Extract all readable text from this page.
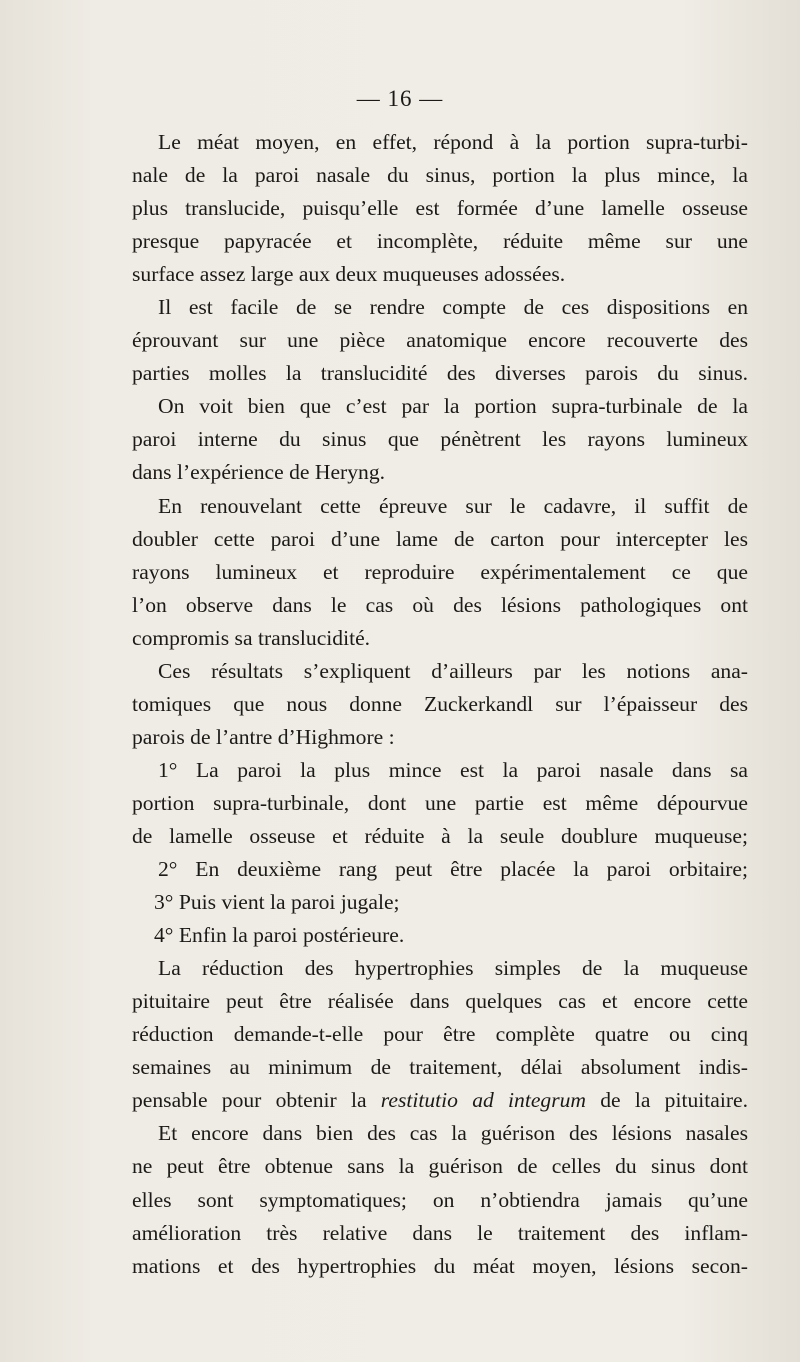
— 16 —
Le méat moyen, en effet, répond à la portion supra-turbi-
nale de la paroi nasale du sinus, portion la plus mince, la
plus translucide, puisqu’elle est formée d’une lamelle osseuse
presque papyracée et incomplète, réduite même sur une
surface assez large aux deux muqueuses adossées.
Il est facile de se rendre compte de ces dispositions en
éprouvant sur une pièce anatomique encore recouverte des
parties molles la translucidité des diverses parois du sinus.
On voit bien que c’est par la portion supra-turbinale de la
paroi interne du sinus que pénètrent les rayons lumineux
dans l’expérience de Heryng.
En renouvelant cette épreuve sur le cadavre, il suffit de
doubler cette paroi d’une lame de carton pour intercepter les
rayons lumineux et reproduire expérimentalement ce que
l’on observe dans le cas où des lésions pathologiques ont
compromis sa translucidité.
Ces résultats s’expliquent d’ailleurs par les notions ana-
tomiques que nous donne Zuckerkandl sur l’épaisseur des
parois de l’antre d’Highmore :
1° La paroi la plus mince est la paroi nasale dans sa
portion supra-turbinale, dont une partie est même dépourvue
de lamelle osseuse et réduite à la seule doublure muqueuse;
2° En deuxième rang peut être placée la paroi orbitaire;
3° Puis vient la paroi jugale;
4° Enfin la paroi postérieure.
La réduction des hypertrophies simples de la muqueuse
pituitaire peut être réalisée dans quelques cas et encore cette
réduction demande-t-elle pour être complète quatre ou cinq
semaines au minimum de traitement, délai absolument indis-
pensable pour obtenir la restitutio ad integrum de la pituitaire.
Et encore dans bien des cas la guérison des lésions nasales
ne peut être obtenue sans la guérison de celles du sinus dont
elles sont symptomatiques; on n’obtiendra jamais qu’une
amélioration très relative dans le traitement des inflam-
mations et des hypertrophies du méat moyen, lésions secon-
